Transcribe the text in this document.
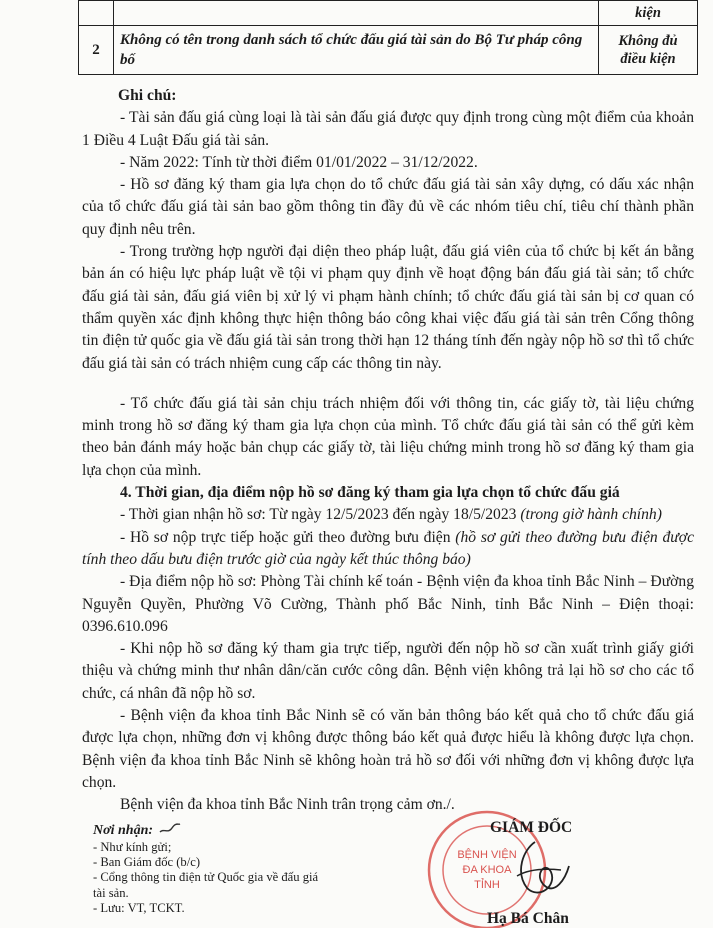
		kiện
2	Không có tên trong danh sách tổ chức đấu giá tài sản do Bộ Tư pháp công bố	Không đủ điều kiện

Ghi chú:

- Tài sản đấu giá cùng loại là tài sản đấu giá được quy định trong cùng một điểm của khoản 1 Điều 4 Luật Đấu giá tài sản.

- Năm 2022: Tính từ thời điểm 01/01/2022 – 31/12/2022.

- Hồ sơ đăng ký tham gia lựa chọn do tổ chức đấu giá tài sản xây dựng, có dấu xác nhận của tổ chức đấu giá tài sản bao gồm thông tin đầy đủ về các nhóm tiêu chí, tiêu chí thành phần quy định nêu trên.

- Trong trường hợp người đại diện theo pháp luật, đấu giá viên của tổ chức bị kết án bằng bản án có hiệu lực pháp luật về tội vi phạm quy định về hoạt động bán đấu giá tài sản; tổ chức đấu giá tài sản, đấu giá viên bị xử lý vi phạm hành chính; tổ chức đấu giá tài sản bị cơ quan có thẩm quyền xác định không thực hiện thông báo công khai việc đấu giá tài sản trên Cổng thông tin điện tử quốc gia về đấu giá tài sản trong thời hạn 12 tháng tính đến ngày nộp hồ sơ thì tổ chức đấu giá tài sản có trách nhiệm cung cấp các thông tin này.

- Tổ chức đấu giá tài sản chịu trách nhiệm đối với thông tin, các giấy tờ, tài liệu chứng minh trong hồ sơ đăng ký tham gia lựa chọn của mình. Tổ chức đấu giá tài sản có thể gửi kèm theo bản đánh máy hoặc bản chụp các giấy tờ, tài liệu chứng minh trong hồ sơ đăng ký tham gia lựa chọn của mình.

4. Thời gian, địa điểm nộp hồ sơ đăng ký tham gia lựa chọn tổ chức đấu giá

- Thời gian nhận hồ sơ: Từ ngày 12/5/2023 đến ngày 18/5/2023 (trong giờ hành chính)

- Hồ sơ nộp trực tiếp hoặc gửi theo đường bưu điện (hồ sơ gửi theo đường bưu điện được tính theo dấu bưu điện trước giờ của ngày kết thúc thông báo)

- Địa điểm nộp hồ sơ: Phòng Tài chính kế toán - Bệnh viện đa khoa tỉnh Bắc Ninh – Đường Nguyễn Quyền, Phường Võ Cường, Thành phố Bắc Ninh, tỉnh Bắc Ninh – Điện thoại: 0396.610.096

- Khi nộp hồ sơ đăng ký tham gia trực tiếp, người đến nộp hồ sơ cần xuất trình giấy giới thiệu và chứng minh thư nhân dân/căn cước công dân. Bệnh viện không trả lại hồ sơ cho các tổ chức, cá nhân đã nộp hồ sơ.

- Bệnh viện đa khoa tỉnh Bắc Ninh sẽ có văn bản thông báo kết quả cho tổ chức đấu giá được lựa chọn, những đơn vị không được thông báo kết quả được hiểu là không được lựa chọn. Bệnh viện đa khoa tỉnh Bắc Ninh sẽ không hoàn trả hồ sơ đối với những đơn vị không được lựa chọn.

Bệnh viện đa khoa tỉnh Bắc Ninh trân trọng cảm ơn./.

Nơi nhận:
- Như kính gửi;
- Ban Giám đốc (b/c)
- Cổng thông tin điện tử Quốc gia về đấu giá tài sản.
- Lưu: VT, TCKT.
BỆNH VIỆN
ĐA KHOA
TỈNH
GIÁM ĐỐC
Hạ Bá Chân
